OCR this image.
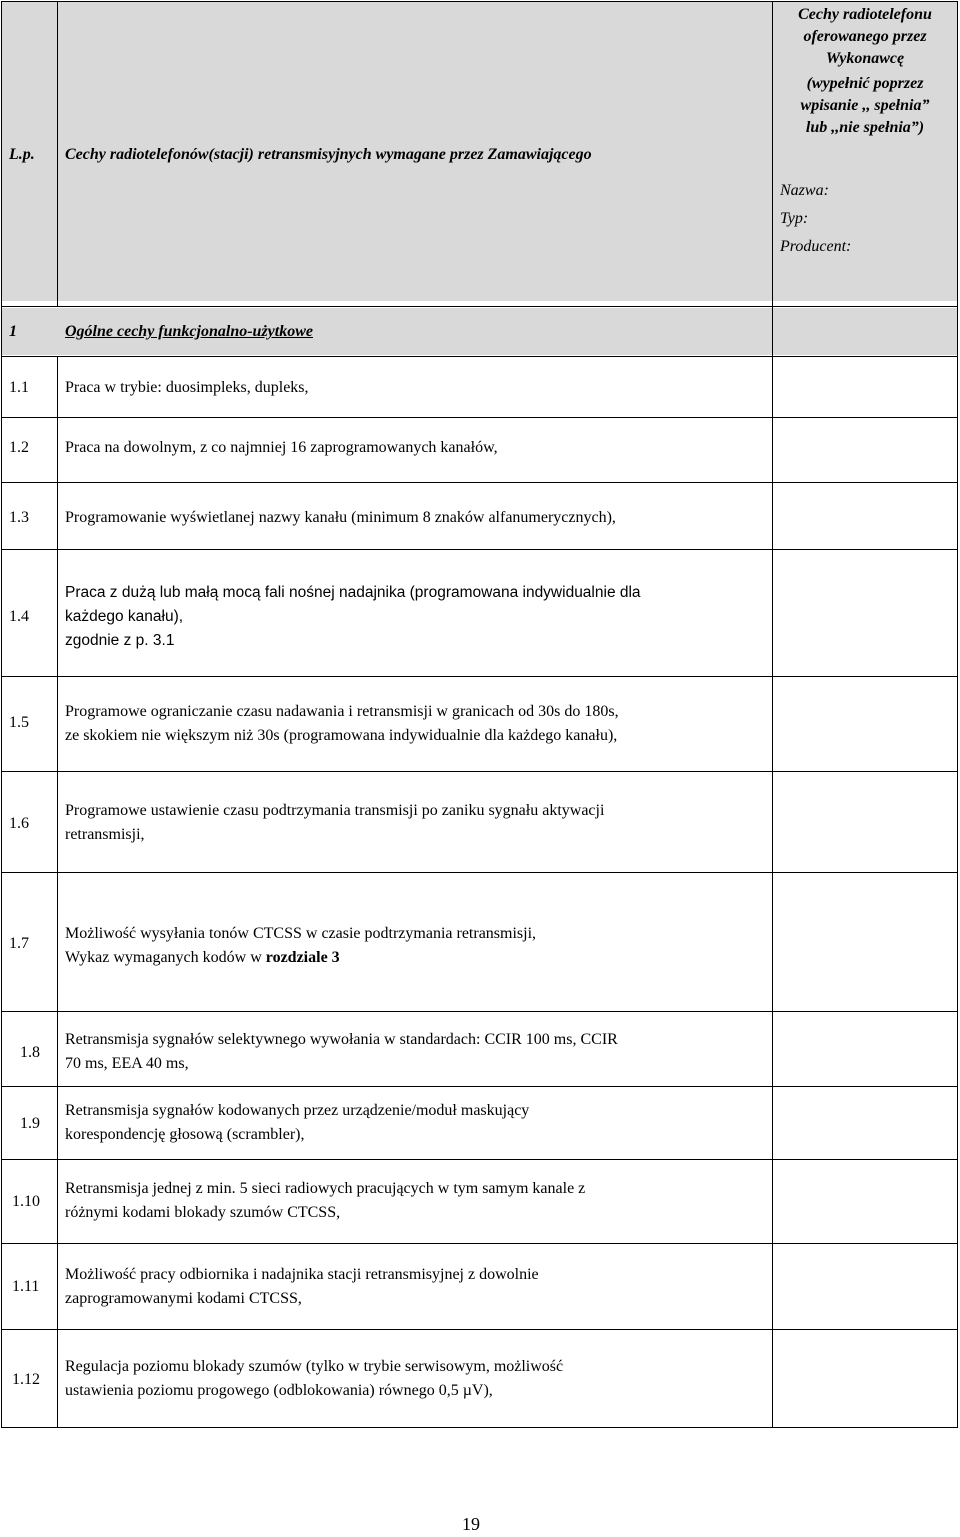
L.p. Cechy radiotelefonów(stacji) retransmisyjnych wymagane przez Zamawiającego
Cechy radiotelefonu
oferowanego przez
Wykonawcę
(wypełnić poprzez
wpisanie ,, spełnia”
lub ,,nie spełnia”)
Nazwa:
Typ:
Producent:
1	Ogólne cechy funkcjonalno-użytkowe
1.1 Praca w trybie: duosimpleks, dupleks,
1.2 Praca na dowolnym, z co najmniej 16 zaprogramowanych kanałów,
1.3 Programowanie wyświetlanej nazwy kanału (minimum 8 znaków alfanumerycznych),
1.4
Praca z dużą lub małą mocą fali nośnej nadajnika (programowana indywidualnie dla
każdego kanału),
zgodnie z p. 3.1
1.5
Programowe ograniczanie czasu nadawania i retransmisji w granicach od 30s do 180s,
ze skokiem nie większym niż 30s (programowana indywidualnie dla każdego kanału),
1.6
Programowe ustawienie czasu podtrzymania transmisji po zaniku sygnału aktywacji
retransmisji,
1.7
Możliwość wysyłania tonów CTCSS w czasie podtrzymania retransmisji,
Wykaz wymaganych kodów w rozdziale 3
1.8
Retransmisja sygnałów selektywnego wywołania w standardach: CCIR 100 ms, CCIR
70 ms, EEA 40 ms,
1.9
Retransmisja sygnałów kodowanych przez urządzenie/moduł maskujący
korespondencję głosową (scrambler),
1.10
Retransmisja jednej z min. 5 sieci radiowych pracujących w tym samym kanale z
różnymi kodami blokady szumów CTCSS,
1.11
Możliwość pracy odbiornika i nadajnika stacji retransmisyjnej z dowolnie
zaprogramowanymi kodami CTCSS,
1.12
Regulacja poziomu blokady szumów (tylko w trybie serwisowym, możliwość
ustawienia poziomu progowego (odblokowania) równego 0,5 µV),
19
